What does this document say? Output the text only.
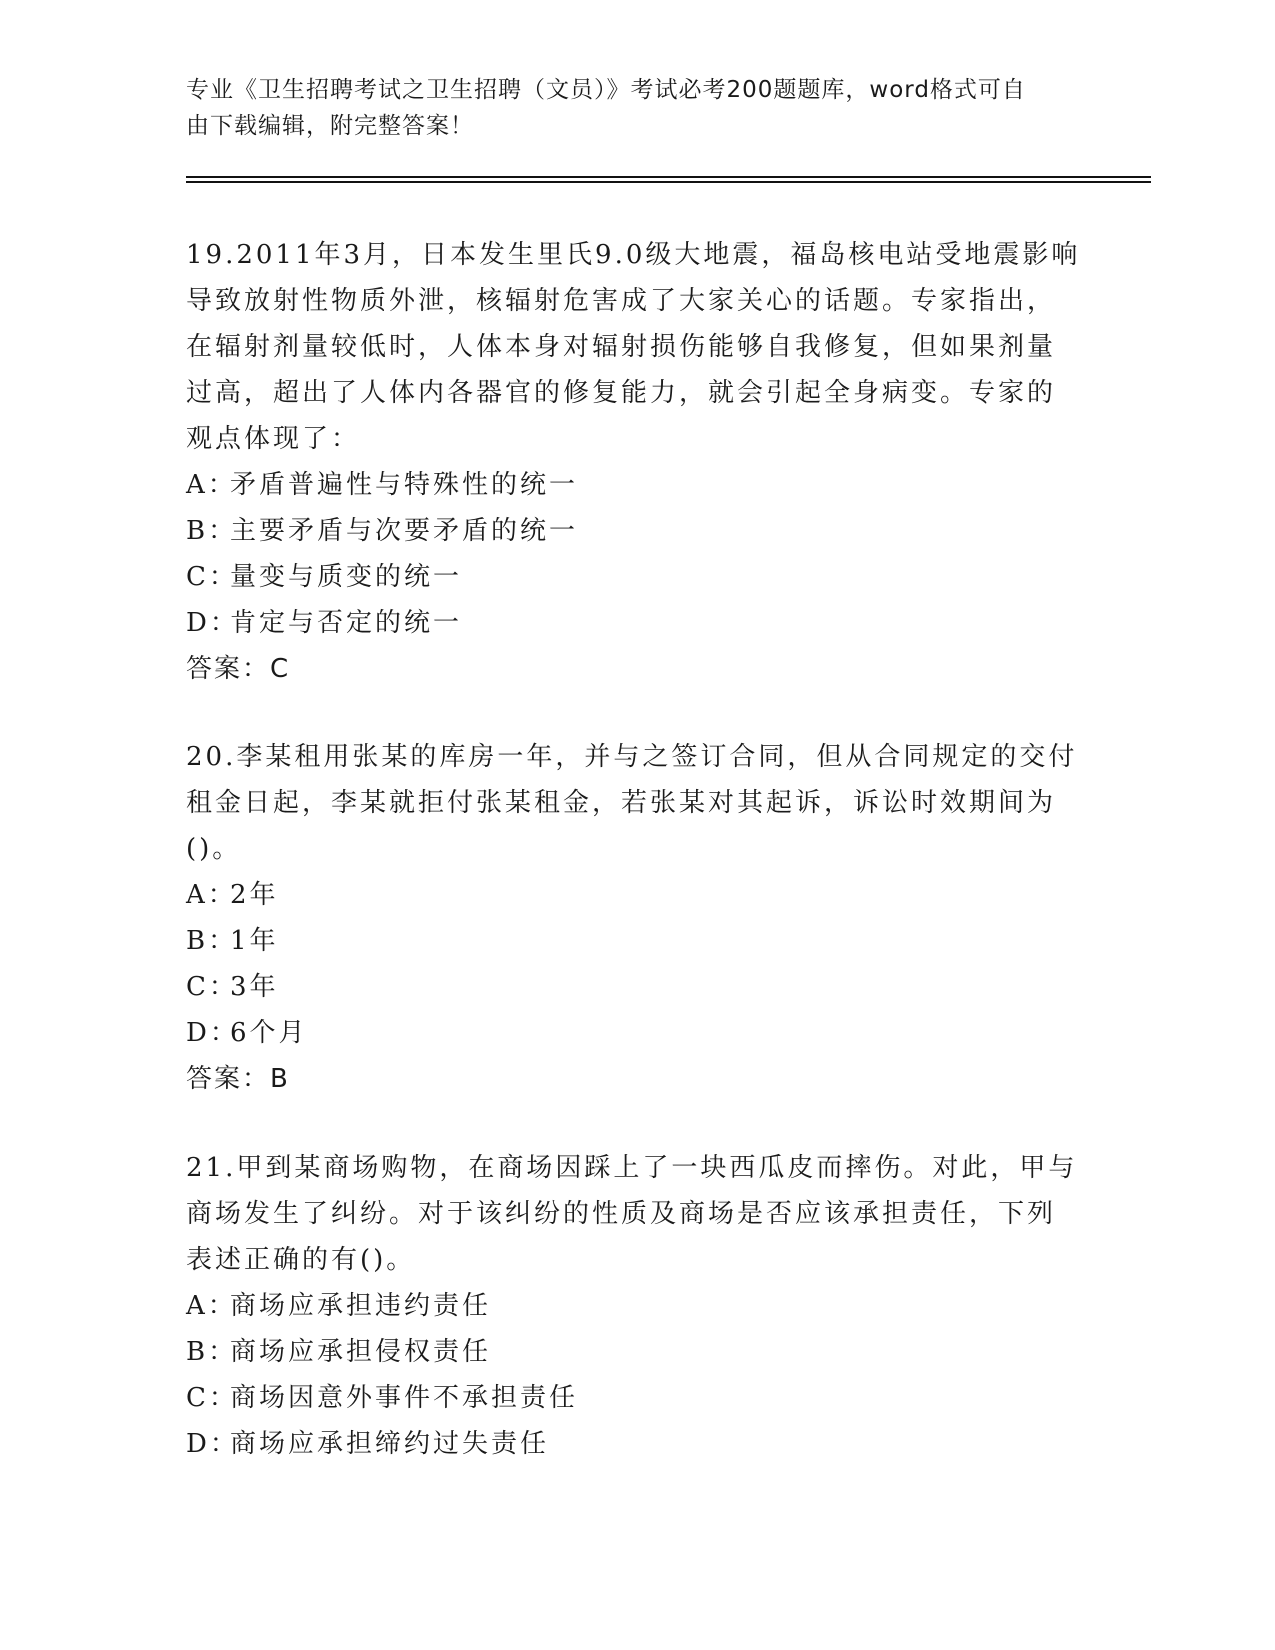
专业《卫生招聘考试之卫生招聘（文员）》考试必考200题题库，word格式可自
由下载编辑，附完整答案！

19.2011年3月，日本发生里氏9.0级大地震，福岛核电站受地震影响

导致放射性物质外泄，核辐射危害成了大家关心的话题。专家指出，

在辐射剂量较低时，人体本身对辐射损伤能够自我修复，但如果剂量

过高，超出了人体内各器官的修复能力，就会引起全身病变。专家的

观点体现了：

A：矛盾普遍性与特殊性的统一

B：主要矛盾与次要矛盾的统一

C：量变与质变的统一

D：肯定与否定的统一

答案：C

20.李某租用张某的库房一年，并与之签订合同，但从合同规定的交付

租金日起，李某就拒付张某租金，若张某对其起诉，诉讼时效期间为

()。

A：2年

B：1年

C：3年

D：6个月

答案：B

21.甲到某商场购物，在商场因踩上了一块西瓜皮而摔伤。对此，甲与

商场发生了纠纷。对于该纠纷的性质及商场是否应该承担责任，下列

表述正确的有()。

A：商场应承担违约责任

B：商场应承担侵权责任

C：商场因意外事件不承担责任

D：商场应承担缔约过失责任
